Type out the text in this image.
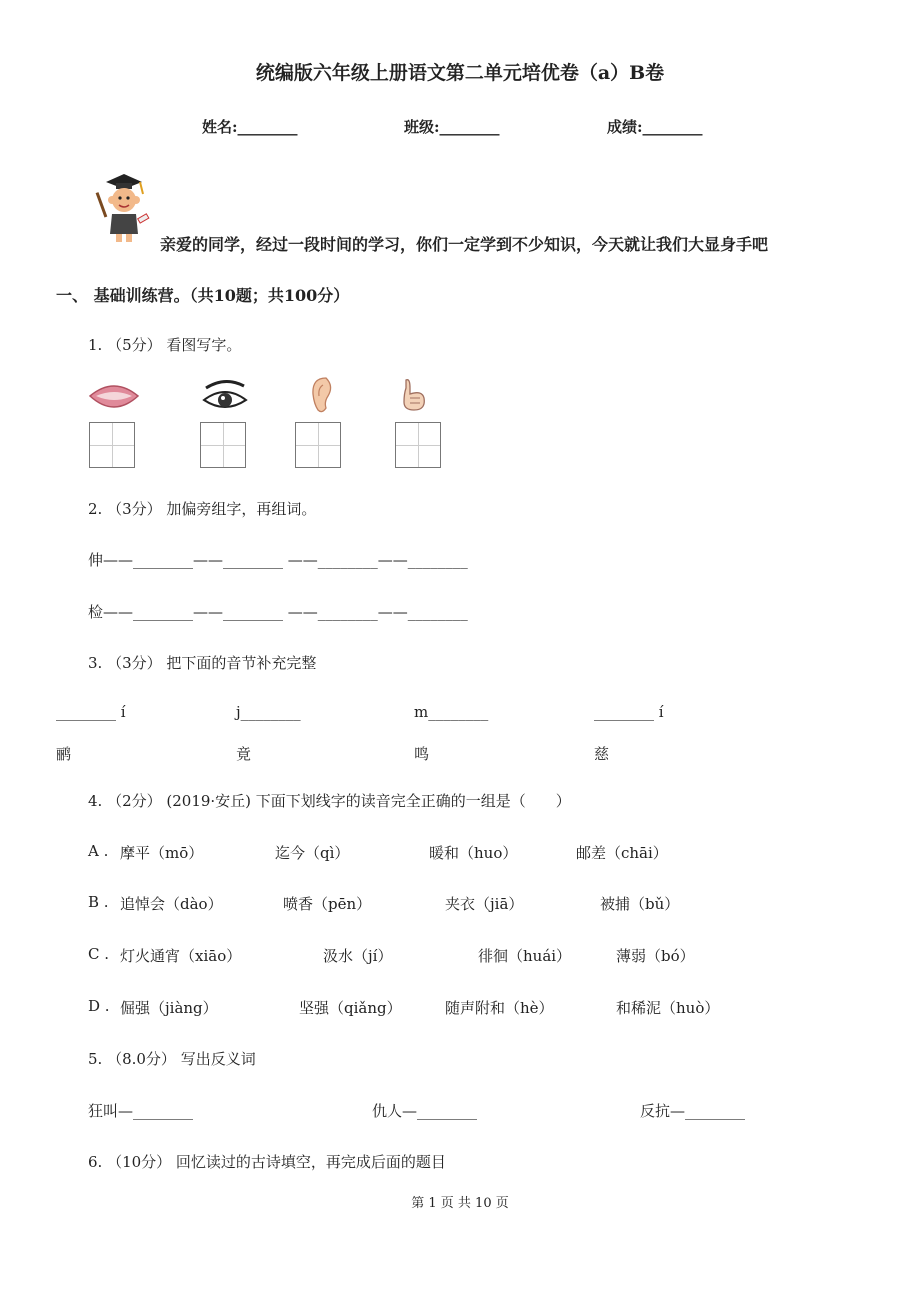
统编版六年级上册语文第二单元培优卷（a）B卷
姓名:________	班级:________	成绩:________
亲爱的同学，经过一段时间的学习，你们一定学到不少知识，今天就让我们大显身手吧
一、 基础训练营。（共10题；共100分）
1. （5分） 看图写字。
2. （3分） 加偏旁组字，再组词。
伸——________——________ ——________——________
检——________——________ ——________——________
3. （3分） 把下面的音节补充完整
________ í	j________	m________	________ í
鹂	竟	鸣	慈
4. （2分） (2019·安丘) 下面下划线字的读音完全正确的一组是（　　）
A . 摩平（mō）	迄今（qì）	暖和（huo）	邮差（chāi）
B . 追悼会（dào）	喷香（pēn）	夹衣（jiā）	被捕（bǔ）
C . 灯火通宵（xiāo）	汲水（jí）	徘徊（huái）	薄弱（bó）
D . 倔强（jiàng）	坚强（qiǎng）	随声附和（hè）	和稀泥（huò）
5. （8.0分） 写出反义词
狂叫—________	仇人—________	反抗—________
6. （10分） 回忆读过的古诗填空，再完成后面的题目
第 1 页 共 10 页
